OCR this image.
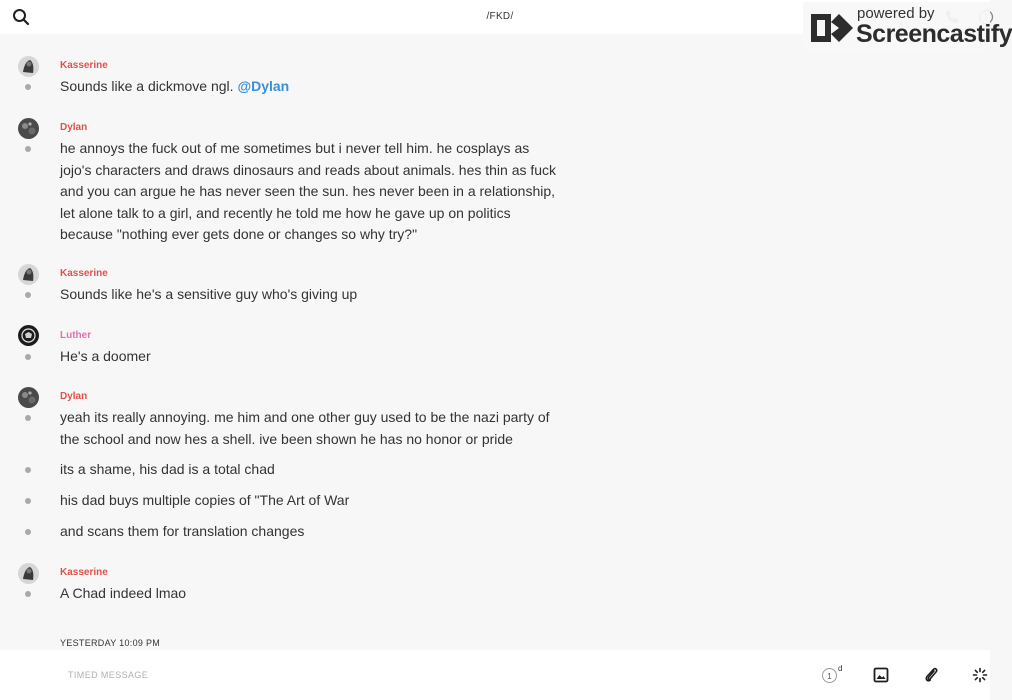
/FKD/	powered by
Screencastify
Kasserine
Sounds like a dickmove ngl. @Dylan
Dylan
he annoys the fuck out of me sometimes but i never tell him. he cosplays as jojo's characters and draws dinosaurs and reads about animals. hes thin as fuck and you can argue he has never seen the sun. hes never been in a relationship, let alone talk to a girl, and recently he told me how he gave up on politics because "nothing ever gets done or changes so why try?"
Kasserine
Sounds like he's a sensitive guy who's giving up
Luther
He's a doomer
Dylan
yeah its really annoying. me him and one other guy used to be the nazi party of the school and now hes a shell. ive been shown he has no honor or pride
its a shame, his dad is a total chad
his dad buys multiple copies of "The Art of War
and scans them for translation changes
Kasserine
A Chad indeed lmao
YESTERDAY 10:09 PM
TIMED MESSAGE
1
d
